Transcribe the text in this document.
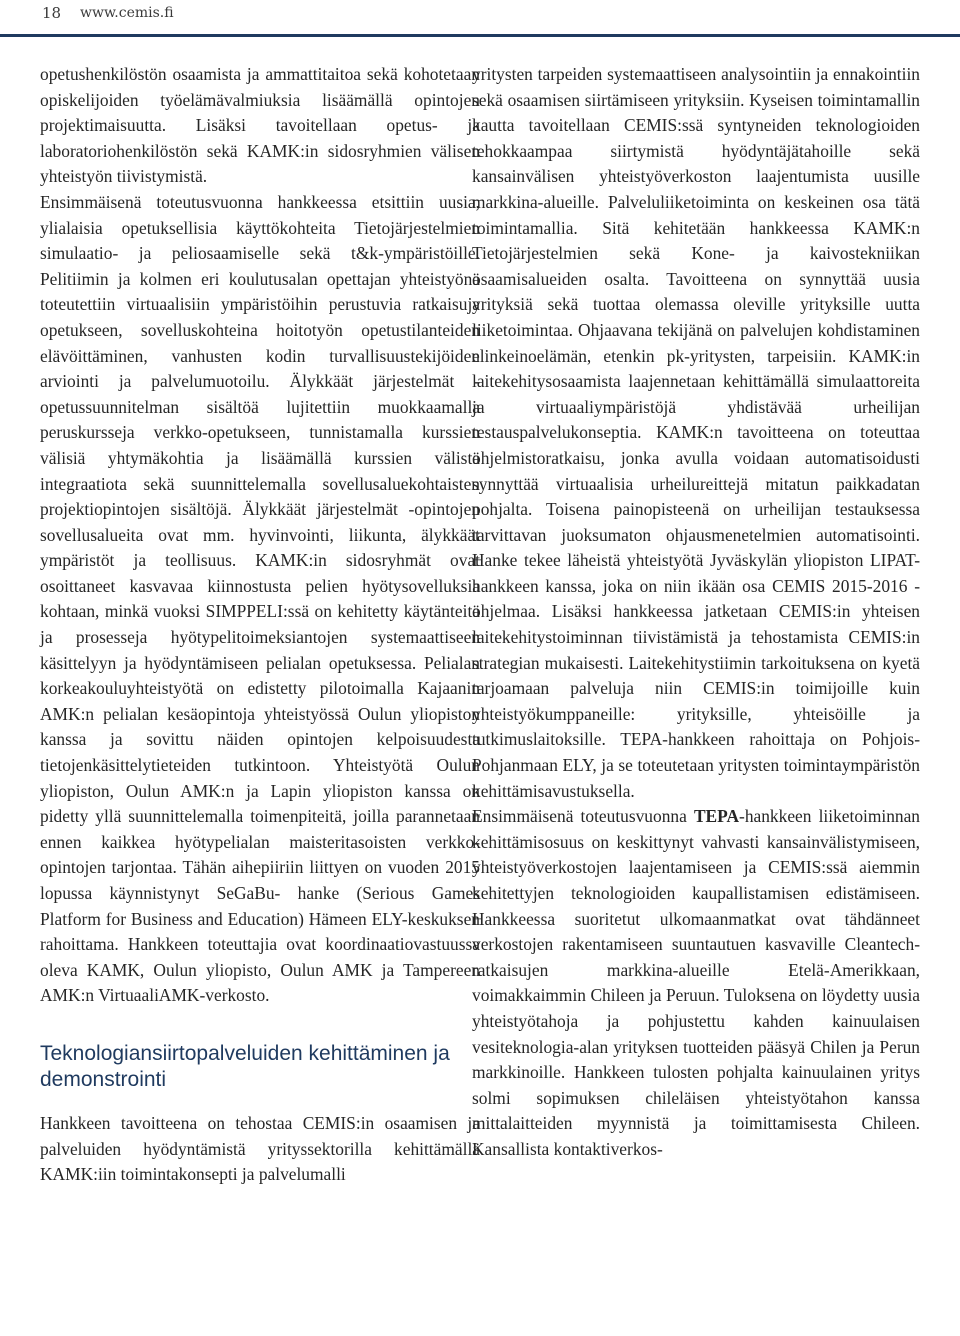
18 www.cemis.fi

opetushenkilöstön osaamista ja ammattitaitoa sekä kohotetaan opiskelijoiden työelämävalmiuksia lisäämällä opintojen projektimaisuutta. Lisäksi tavoitellaan opetus- ja laboratoriohenkilöstön sekä KAMK:in sidosryhmien välisen yhteistyön tiivistymistä.

Ensimmäisenä toteutusvuonna hankkeessa etsittiin uusia, ylialaisia opetuksellisia käyttökohteita Tietojärjestelmien simulaatio- ja peliosaamiselle sekä t&k-ympäristöille. Pelitiimin ja kolmen eri koulutusalan opettajan yhteistyönä toteutettiin virtuaalisiin ympäristöihin perustuvia ratkaisuja opetukseen, sovelluskohteina hoitotyön opetustilanteiden elävöittäminen, vanhusten kodin turvallisuustekijöiden arviointi ja palvelumuotoilu. Älykkäät järjestelmät -opetussuunnitelman sisältöä lujitettiin muokkaamalla peruskursseja verkko-opetukseen, tunnistamalla kurssien välisiä yhtymäkohtia ja lisäämällä kurssien välistä integraatiota sekä suunnittelemalla sovellusaluekohtaisten projektiopintojen sisältöjä. Älykkäät järjestelmät -opintojen sovellusalueita ovat mm. hyvinvointi, liikunta, älykkäät ympäristöt ja teollisuus. KAMK:in sidosryhmät ovat osoittaneet kasvavaa kiinnostusta pelien hyötysovelluksia kohtaan, minkä vuoksi SIMPPELI:ssä on kehitetty käytänteitä ja prosesseja hyötypelitoimeksiantojen systemaattiseen käsittelyyn ja hyödyntämiseen pelialan opetuksessa. Pelialan korkeakouluyhteistyötä on edistetty pilotoimalla Kajaanin AMK:n pelialan kesäopintoja yhteistyössä Oulun yliopiston kanssa ja sovittu näiden opintojen kelpoisuudesta tietojenkäsittelytieteiden tutkintoon. Yhteistyötä Oulun yliopiston, Oulun AMK:n ja Lapin yliopiston kanssa on pidetty yllä suunnittelemalla toimenpiteitä, joilla parannetaan ennen kaikkea hyötypelialan maisteritasoisten verkko-opintojen tarjontaa. Tähän aihepiiriin liittyen on vuoden 2015 lopussa käynnistynyt SeGaBu- hanke (Serious Games Platform for Business and Education) Hämeen ELY-keskuksen rahoittama. Hankkeen toteuttajia ovat koordinaatiovastuussa oleva KAMK, Oulun yliopisto, Oulun AMK ja Tampereen AMK:n VirtuaaliAMK-verkosto.

Teknologiansiirtopalveluiden kehittäminen ja demonstrointi

Hankkeen tavoitteena on tehostaa CEMIS:in osaamisen ja palveluiden hyödyntämistä yrityssektorilla kehittämällä KAMK:iin toimintakonsepti ja palvelumalli

yritysten tarpeiden systemaattiseen analysointiin ja ennakointiin sekä osaamisen siirtämiseen yrityksiin. Kyseisen toimintamallin kautta tavoitellaan CEMIS:ssä syntyneiden teknologioiden tehokkaampaa siirtymistä hyödyntäjätahoille sekä kansainvälisen yhteistyöverkoston laajentumista uusille markkina-alueille. Palveluliiketoiminta on keskeinen osa tätä toimintamallia. Sitä kehitetään hankkeessa KAMK:n Tietojärjestelmien sekä Kone- ja kaivostekniikan osaamisalueiden osalta. Tavoitteena on synnyttää uusia yrityksiä sekä tuottaa olemassa oleville yrityksille uutta liiketoimintaa. Ohjaavana tekijänä on palvelujen kohdistaminen elinkeinoelämän, etenkin pk-yritysten, tarpeisiin. KAMK:in laitekehitysosaamista laajennetaan kehittämällä simulaattoreita ja virtuaaliympäristöjä yhdistävää urheilijan testauspalvelukonseptia. KAMK:n tavoitteena on toteuttaa ohjelmistoratkaisu, jonka avulla voidaan automatisoidusti synnyttää virtuaalisia urheilureittejä mitatun paikkadatan pohjalta. Toisena painopisteenä on urheilijan testauksessa tarvittavan juoksumaton ohjausmenetelmien automatisointi. Hanke tekee läheistä yhteistyötä Jyväskylän yliopiston LIPAT-hankkeen kanssa, joka on niin ikään osa CEMIS 2015-2016 -ohjelmaa. Lisäksi hankkeessa jatketaan CEMIS:in yhteisen laitekehitystoiminnan tiivistämistä ja tehostamista CEMIS:in strategian mukaisesti. Laitekehitystiimin tarkoituksena on kyetä tarjoamaan palveluja niin CEMIS:in toimijoille kuin yhteistyökumppaneille: yrityksille, yhteisöille ja tutkimuslaitoksille. TEPA-hankkeen rahoittaja on Pohjois-Pohjanmaan ELY, ja se toteutetaan yritysten toimintaympäristön kehittämisavustuksella.

Ensimmäisenä toteutusvuonna TEPA-hankkeen liiketoiminnan kehittämisosuus on keskittynyt vahvasti kansainvälistymiseen, yhteistyöverkostojen laajentamiseen ja CEMIS:ssä aiemmin kehitettyjen teknologioiden kaupallistamisen edistämiseen. Hankkeessa suoritetut ulkomaanmatkat ovat tähdänneet verkostojen rakentamiseen suuntautuen kasvaville Cleantech-ratkaisujen markkina-alueille Etelä-Amerikkaan, voimakkaimmin Chileen ja Peruun. Tuloksena on löydetty uusia yhteistyötahoja ja pohjustettu kahden kainuulaisen vesiteknologia-alan yrityksen tuotteiden pääsyä Chilen ja Perun markkinoille. Hankkeen tulosten pohjalta kainuulainen yritys solmi sopimuksen chileläisen yhteistyötahon kanssa mittalaitteiden myynnistä ja toimittamisesta Chileen. Kansallista kontaktiverkos-
